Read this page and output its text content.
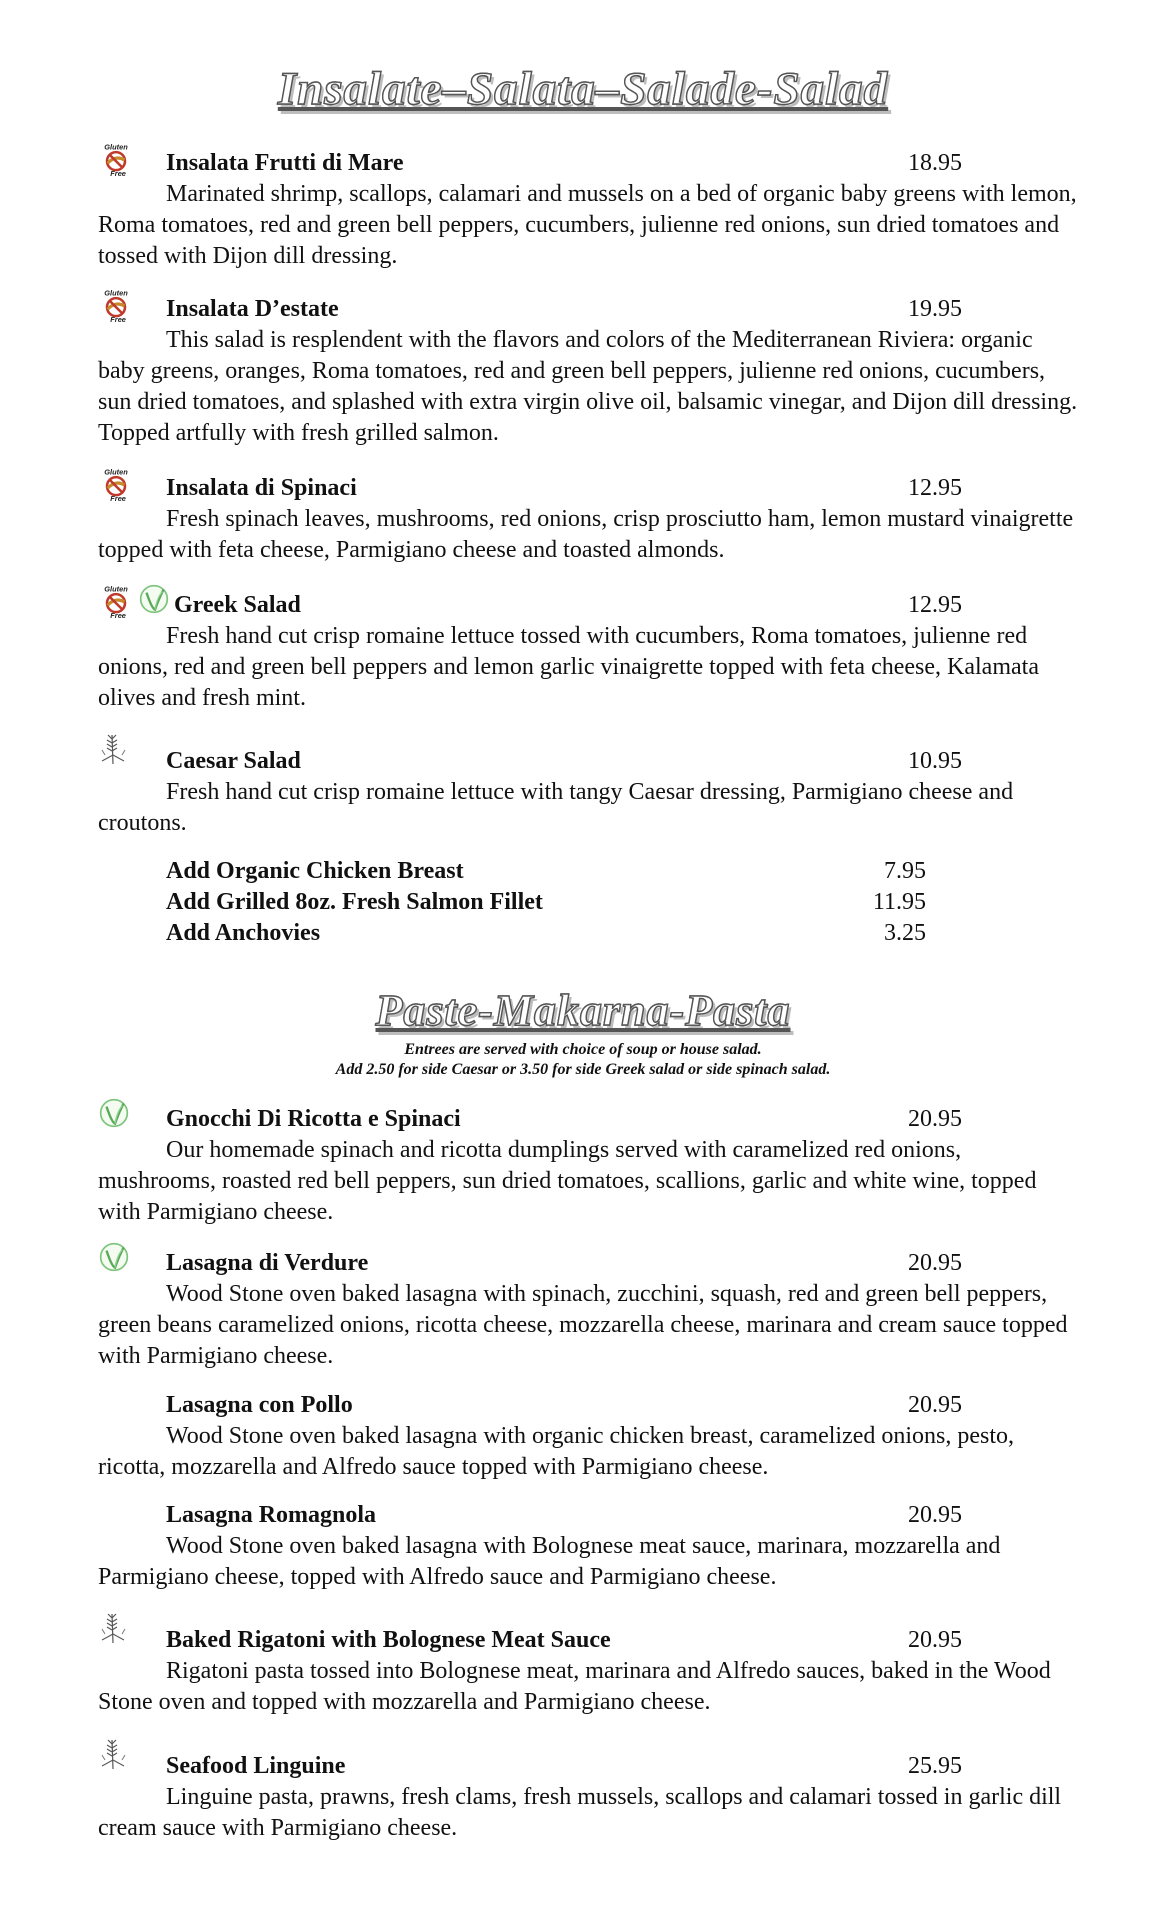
Insalate–Salata–Salade-Salad
Insalata Frutti di Mare	18.95

Marinated shrimp, scallops, calamari and mussels on a bed of organic baby greens with lemon, Roma tomatoes, red and green bell peppers, cucumbers, julienne red onions, sun dried tomatoes and tossed with Dijon dill dressing.

Insalata D’estate	19.95

This salad is resplendent with the flavors and colors of the Mediterranean Riviera: organic baby greens, oranges, Roma tomatoes, red and green bell peppers, julienne red onions, cucumbers, sun dried tomatoes, and splashed with extra virgin olive oil, balsamic vinegar, and Dijon dill dressing. Topped artfully with fresh grilled salmon.

Insalata di Spinaci	12.95

Fresh spinach leaves, mushrooms, red onions, crisp prosciutto ham, lemon mustard vinaigrette topped with feta cheese, Parmigiano cheese and toasted almonds.

Greek Salad	12.95

Fresh hand cut crisp romaine lettuce tossed with cucumbers, Roma tomatoes, julienne red onions, red and green bell peppers and lemon garlic vinaigrette topped with feta cheese, Kalamata olives and fresh mint.

Caesar Salad	10.95

Fresh hand cut crisp romaine lettuce with tangy Caesar dressing, Parmigiano cheese and croutons.

Add Organic Chicken Breast	7.95
Add Grilled 8oz. Fresh Salmon Fillet	11.95
Add Anchovies	3.25
Paste-Makarna-Pasta
Entrees are served with choice of soup or house salad.
Add 2.50 for side Caesar or 3.50 for side Greek salad or side spinach salad.
Gnocchi Di Ricotta e Spinaci	20.95

Our homemade spinach and ricotta dumplings served with caramelized red onions, mushrooms, roasted red bell peppers, sun dried tomatoes, scallions, garlic and white wine, topped with Parmigiano cheese.

Lasagna di Verdure	20.95

Wood Stone oven baked lasagna with spinach, zucchini, squash, red and green bell peppers, green beans caramelized onions, ricotta cheese, mozzarella cheese, marinara and cream sauce topped with Parmigiano cheese.

Lasagna con Pollo	20.95

Wood Stone oven baked lasagna with organic chicken breast, caramelized onions, pesto, ricotta, mozzarella and Alfredo sauce topped with Parmigiano cheese.

Lasagna Romagnola	20.95

Wood Stone oven baked lasagna with Bolognese meat sauce, marinara, mozzarella and Parmigiano cheese, topped with Alfredo sauce and Parmigiano cheese.

Baked Rigatoni with Bolognese Meat Sauce	20.95

Rigatoni pasta tossed into Bolognese meat, marinara and Alfredo sauces, baked in the Wood Stone oven and topped with mozzarella and Parmigiano cheese.

Seafood Linguine	25.95

Linguine pasta, prawns, fresh clams, fresh mussels, scallops and calamari tossed in garlic dill cream sauce with Parmigiano cheese.
